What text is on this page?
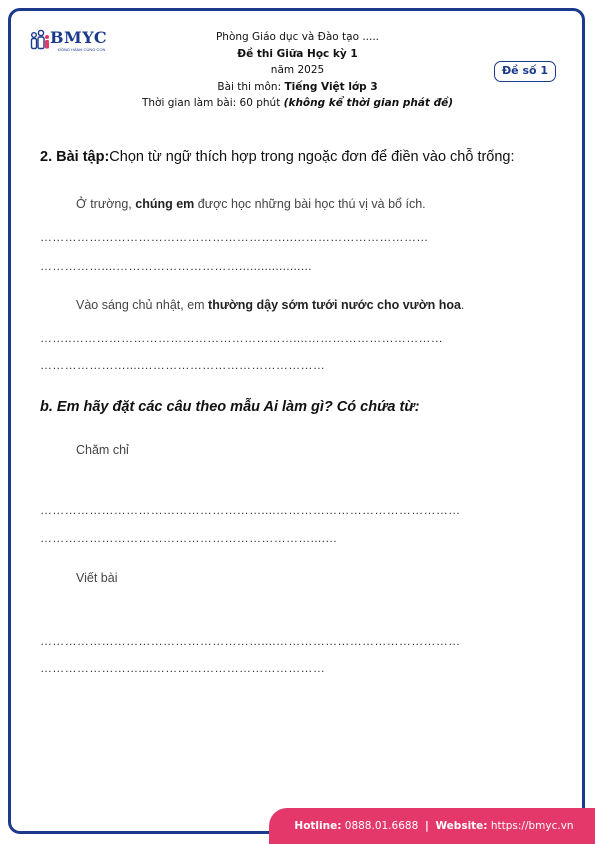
BMYC
ĐỒNG HÀNH CÙNG CON
Phòng Giáo dục và Đào tạo .....
Đề thi Giữa Học kỳ 1
năm 2025
Bài thi môn: Tiếng Việt lớp 3
Thời gian làm bài: 60 phút (không kể thời gian phát đề)
Đề số 1
2. Bài tập:Chọn từ ngữ thích hợp trong ngoặc đơn để điền vào chỗ trống:
Ở trường, chúng em được học những bài học thú vị và bổ ích.
……………………………………………………..……………………………
……………....…………………………....................
Vào sáng chủ nhật, em thường dậy sớm tưới nước cho vườn hoa.
……..………………………………………………....……………………………
…………………....………………………………………
b. Em hãy đặt các câu theo mẫu Ai làm gì? Có chứa từ:
Chăm chỉ
………………………………………………....………………………………………
…………………………………………………………....…
Viết bài
………………………………………………....………………………………………
……………………....……………………………………
Hotline: 0888.01.6688 | Website: https://bmyc.vn
